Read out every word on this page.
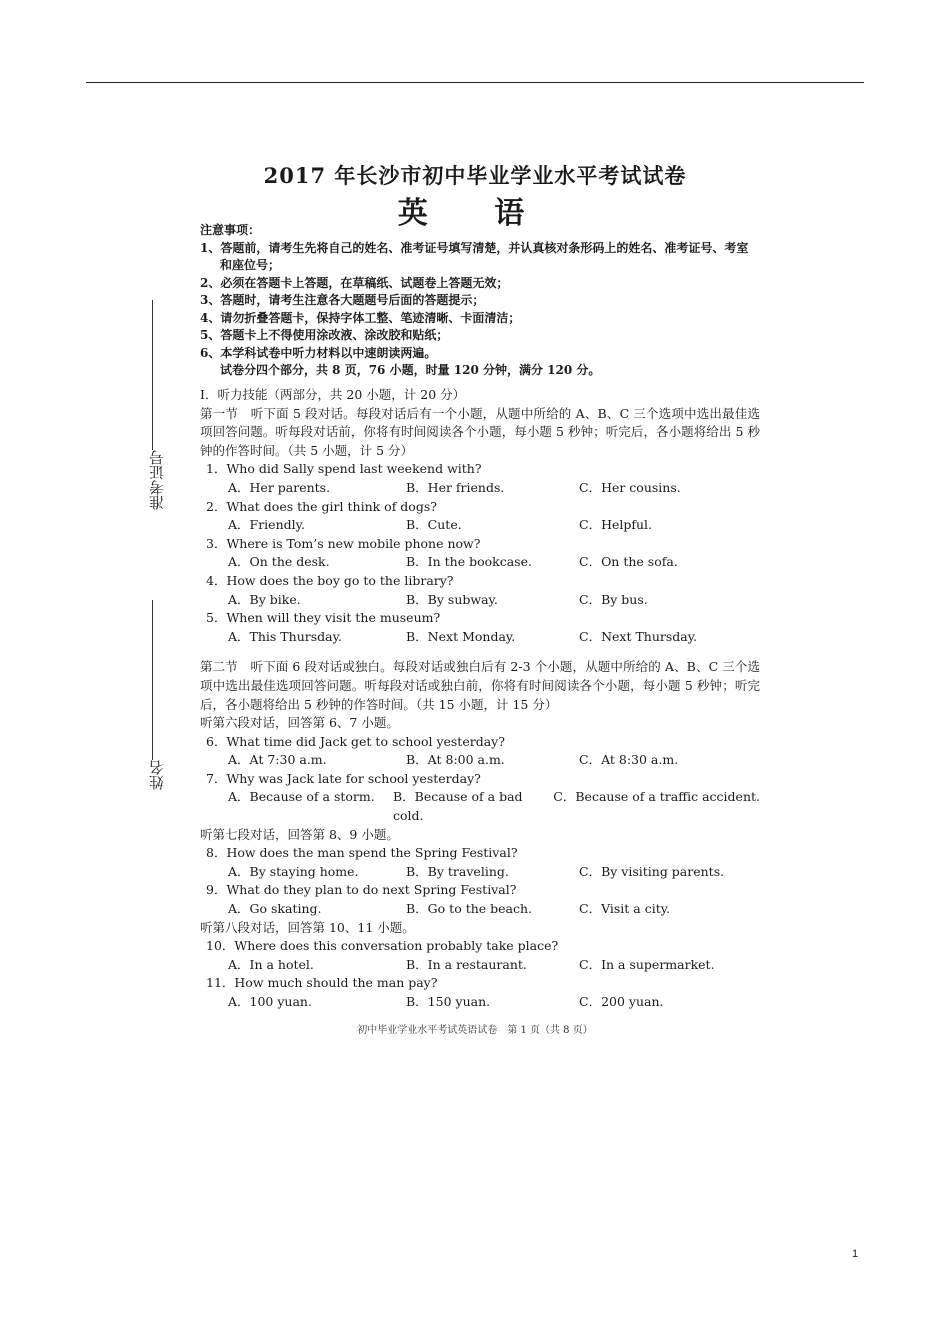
2017 年长沙市初中毕业学业水平考试试卷
英 语
注意事项：
1、答题前，请考生先将自己的姓名、准考证号填写清楚，并认真核对条形码上的姓名、准考证号、考室和座位号；
2、必须在答题卡上答题，在草稿纸、试题卷上答题无效；
3、答题时，请考生注意各大题题号后面的答题提示；
4、请勿折叠答题卡，保持字体工整、笔迹清晰、卡面清洁；
5、答题卡上不得使用涂改液、涂改胶和贴纸；
6、本学科试卷中听力材料以中速朗读两遍。
试卷分四个部分，共 8 页，76 小题，时量 120 分钟，满分 120 分。
I．听力技能（两部分，共 20 小题，计 20 分）
第一节　听下面 5 段对话。每段对话后有一个小题，从题中所给的 A、B、C 三个选项中选出最佳选项回答问题。听每段对话前，你将有时间阅读各个小题，每小题 5 秒钟；听完后，各小题将给出 5 秒钟的作答时间。（共 5 小题，计 5 分）
1．Who did Sally spend last weekend with?
A．Her parents.	B．Her friends.	C．Her cousins.
2．What does the girl think of dogs?
A．Friendly.	B．Cute.	C．Helpful.
3．Where is Tom’s new mobile phone now?
A．On the desk.	B．In the bookcase.	C．On the sofa.
4．How does the boy go to the library?
A．By bike.	B．By subway.	C．By bus.
5．When will they visit the museum?
A．This Thursday.	B．Next Monday.	C．Next Thursday.
第二节　听下面 6 段对话或独白。每段对话或独白后有 2-3 个小题，从题中所给的 A、B、C 三个选项中选出最佳选项回答问题。听每段对话或独白前，你将有时间阅读各个小题，每小题 5 秒钟；听完后，各小题将给出 5 秒钟的作答时间。（共 15 小题，计 15 分）
听第六段对话，回答第 6、7 小题。
6．What time did Jack get to school yesterday?
A．At 7:30 a.m.	B．At 8:00 a.m.	C．At 8:30 a.m.
7．Why was Jack late for school yesterday?
A．Because of a storm.	B．Because of a bad cold.
C．Because of a traffic accident.
听第七段对话，回答第 8、9 小题。
8．How does the man spend the Spring Festival?
A．By staying home.	B．By traveling.	C．By visiting parents.
9．What do they plan to do next Spring Festival?
A．Go skating.	B．Go to the beach.	C．Visit a city.
听第八段对话，回答第 10、11 小题。
10．Where does this conversation probably take place?
A．In a hotel.	B．In a restaurant.	C．In a supermarket.
11．How much should the man pay?
A．100 yuan.	B．150 yuan.	C．200 yuan.
准考证号
姓名
初中毕业学业水平考试英语试卷　第 1 页（共 8 页）
1
